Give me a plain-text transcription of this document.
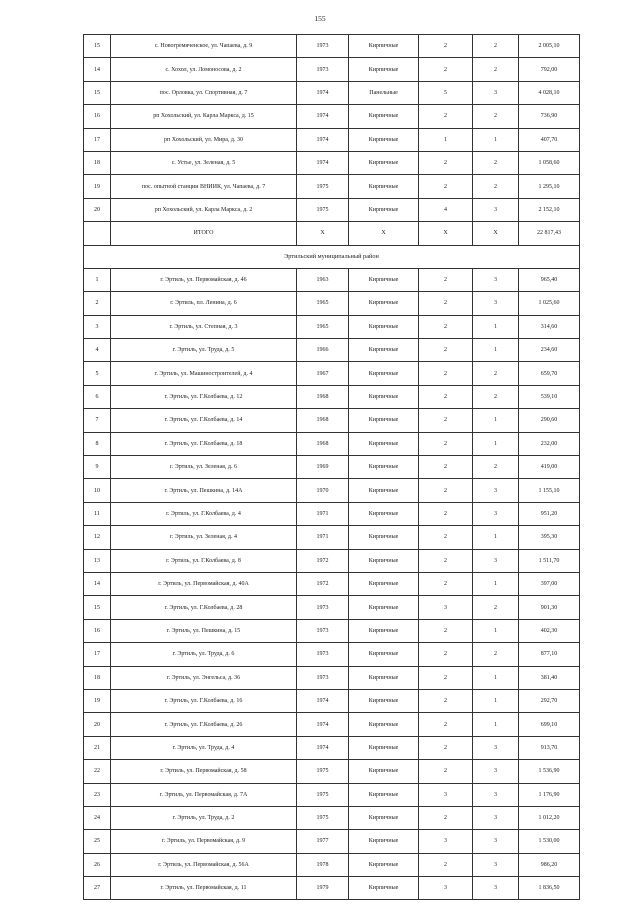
155
15	с. Новогремяченское, ул. Чапаева, д. 9	1973	Кирпичные	2	2	2 005,10
14	с. Хохол, ул. Ломоносова, д. 2	1973	Кирпичные	2	2	792,00
15	пос. Орловка, ул. Спортивная, д. 7	1974	Панельные	5	3	4 028,10
16	рп Хохольский, ул. Карла Маркса, д. 15	1974	Кирпичные	2	2	736,90
17	рп Хохольский, ул. Мира, д. 30	1974	Кирпичные	1	1	407,70
18	с. Устье, ул. Зеленая, д. 5	1974	Кирпичные	2	2	1 058,60
19	пос. опытной станции ВНИИК, ул. Чапаева, д. 7	1975	Кирпичные	2	2	1 295,10
20	рп Хохольский, ул. Карла Маркса, д. 2	1975	Кирпичные	4	3	2 152,10
	ИТОГО	X	X	X	X	22 817,43
Эртильский муниципальный район						
1	г. Эртиль, ул. Первомайская, д. 46	1963	Кирпичные	2	3	965,40
2	г. Эртиль, пл. Ленина, д. 6	1965	Кирпичные	2	3	1 025,60
3	г. Эртиль, ул. Степная, д. 3	1965	Кирпичные	2	1	314,60
4	г. Эртиль, ул. Труда, д. 5	1966	Кирпичные	2	1	234,60
5	г. Эртиль, ул. Машиностроителей, д. 4	1967	Кирпичные	2	2	659,70
6	г. Эртиль, ул. Г.Колбаева, д. 12	1968	Кирпичные	2	2	539,10
7	г. Эртиль, ул. Г.Колбаева, д. 14	1968	Кирпичные	2	1	290,60
8	г. Эртиль, ул. Г.Колбаева, д. 18	1968	Кирпичные	2	1	232,00
9	г. Эртиль, ул. Зеленая, д. 6	1969	Кирпичные	2	2	419,00
10	г. Эртиль, ул. Пешкина, д. 14А	1970	Кирпичные	2	3	1 155,10
11	г. Эртиль, ул. Г.Колбаева, д. 4	1971	Кирпичные	2	3	951,20
12	г. Эртиль, ул. Зеленая, д. 4	1971	Кирпичные	2	1	395,30
13	г. Эртиль, ул. Г.Колбаева, д. 8	1972	Кирпичные	2	3	1 511,70
14	г. Эртиль, ул. Первомайская, д. 40А	1972	Кирпичные	2	1	397,00
15	г. Эртиль, ул. Г.Колбаева, д. 28	1973	Кирпичные	3	2	901,30
16	г. Эртиль, ул. Пешкина, д. 15	1973	Кирпичные	2	1	402,30
17	г. Эртиль, ул. Труда, д. 6	1973	Кирпичные	2	2	877,10
18	г. Эртиль, ул. Энгельса, д. 36	1973	Кирпичные	2	1	381,40
19	г. Эртиль, ул. Г.Колбаева, д. 16	1974	Кирпичные	2	1	292,70
20	г. Эртиль, ул. Г.Колбаева, д. 26	1974	Кирпичные	2	1	699,10
21	г. Эртиль, ул. Труда, д. 4	1974	Кирпичные	2	3	913,70
22	г. Эртиль, ул. Первомайская, д. 58	1975	Кирпичные	2	3	1 536,90
23	г. Эртиль, ул. Первомайская, д. 7А	1975	Кирпичные	3	3	1 176,90
24	г. Эртиль, ул. Труда, д. 2	1975	Кирпичные	2	3	1 012,20
25	г. Эртиль, ул. Первомайская, д. 9	1977	Кирпичные	3	3	1 530,00
26	г. Эртиль, ул. Первомайская, д. 56А	1978	Кирпичные	2	3	986,20
27	г. Эртиль, ул. Первомайская, д. 11	1979	Кирпичные	3	3	1 836,50
